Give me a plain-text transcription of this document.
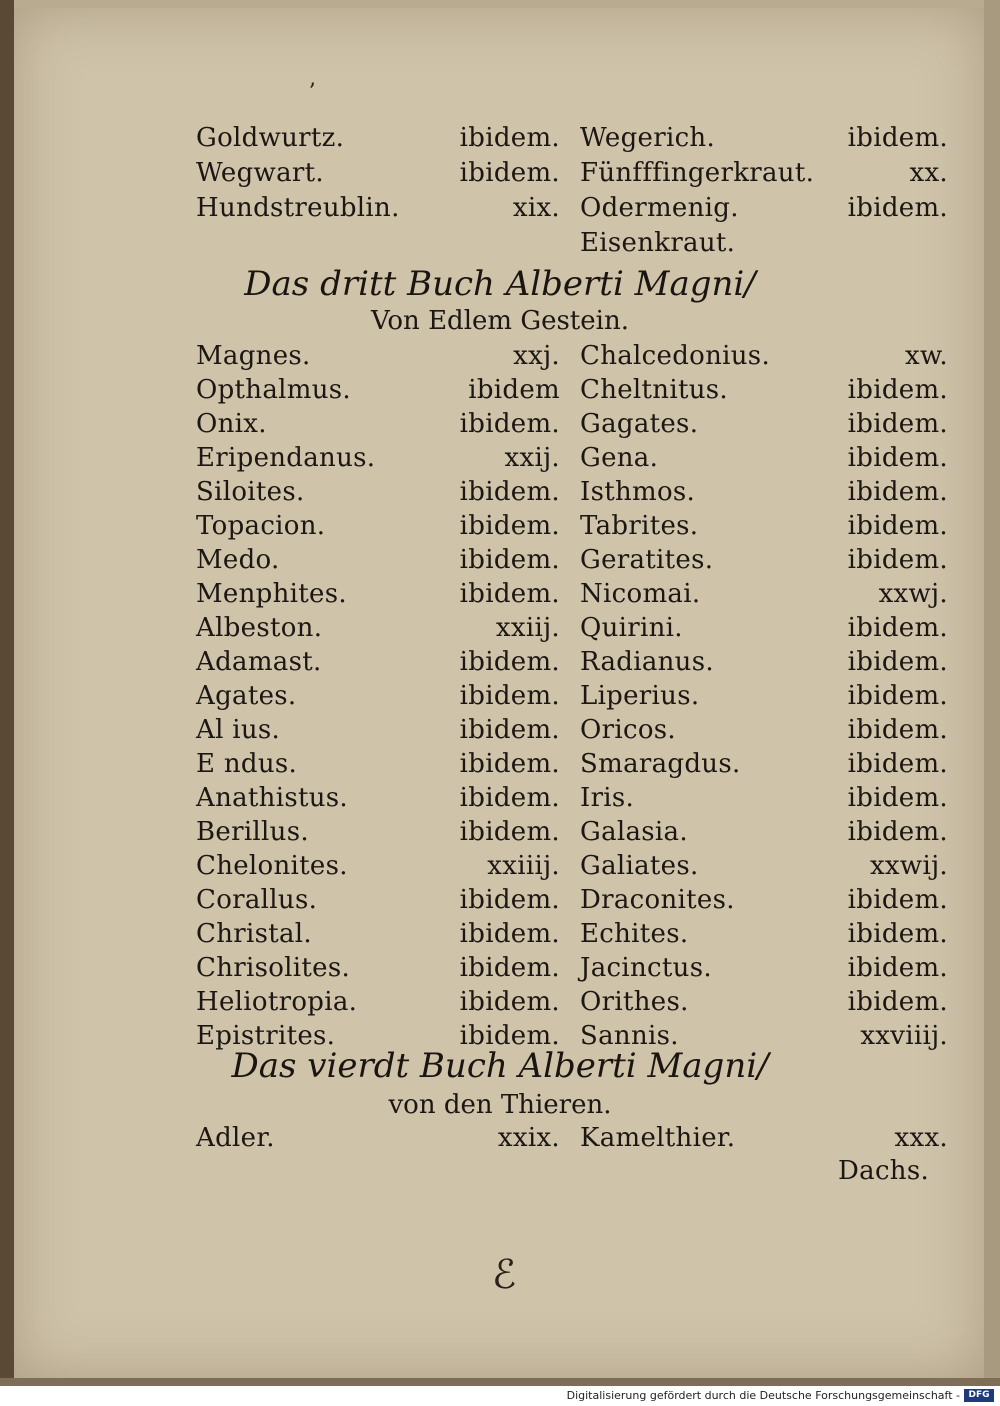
ʼ
Goldwurtz.	ibidem. Wegerich.	ibidem.
Wegwart.	ibidem. Fünfffingerkraut.	xx.
Hundstreublin.	xix. Odermenig.	ibidem.
Eisenkraut.
Das dritt Buch Alberti Magni/
Von Edlem Gestein.
Magnes.	xxj. Chalcedonius.	xw.
Opthalmus.	ibidem Cheltnitus.	ibidem.
Onix.	ibidem. Gagates.	ibidem.
Eripendanus.	xxij. Gena.	ibidem.
Siloites.	ibidem. Isthmos.	ibidem.
Topacion.	ibidem. Tabrites.	ibidem.
Medo.	ibidem. Geratites.	ibidem.
Menphites.	ibidem. Nicomai.	xxwj.
Albeston.	xxiij. Quirini.	ibidem.
Adamast.	ibidem. Radianus.	ibidem.
Agates.	ibidem. Liperius.	ibidem.
Al ius.	ibidem. Oricos.	ibidem.
E ndus.	ibidem. Smaragdus.	ibidem.
Anathistus.	ibidem. Iris.	ibidem.
Berillus.	ibidem. Galasia.	ibidem.
Chelonites.	xxiiij. Galiates.	xxwij.
Corallus.	ibidem. Draconites.	ibidem.
Christal.	ibidem. Echites.	ibidem.
Chrisolites.	ibidem. Jacinctus.	ibidem.
Heliotropia.	ibidem. Orithes.	ibidem.
Epistrites.	ibidem. Sannis.	xxviiij.
Das vierdt Buch Alberti Magni/
von den Thieren.
Adler.	xxix. Kamelthier.	xxx.
Dachs.
ℰ
Digitalisierung gefördert durch die Deutsche Forschungsgemeinschaft - DFG
